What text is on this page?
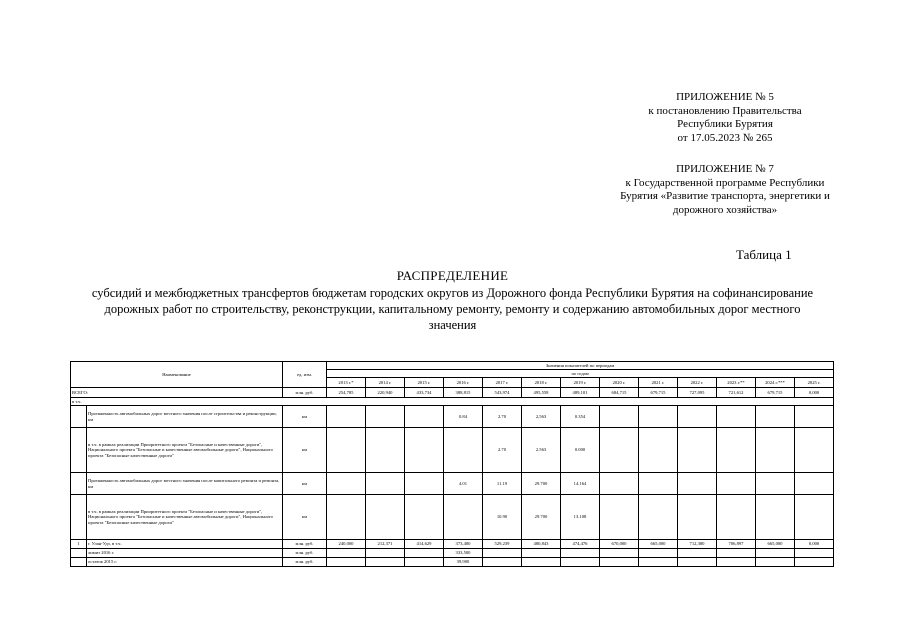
ПРИЛОЖЕНИЕ № 5
к постановлению Правительства
Республики Бурятия
от 17.05.2023 № 265
ПРИЛОЖЕНИЕ № 7
к Государственной программе Республики
Бурятия «Развитие транспорта, энергетики и
дорожного хозяйства»
Таблица 1
РАСПРЕДЕЛЕНИЕ
субсидий и межбюджетных трансфертов бюджетам городских округов из Дорожного фонда Республики Бурятия на софинансирование дорожных работ по строительству, реконструкции, капитальному ремонту, ремонту и содержанию автомобильных дорог местного значения
Наименование		ед. изм.	Значения показателей по периодам												
			по годам												
			2013 г.*	2014 г.	2015 г.	2016 г.	2017 г.	2018 г.	2019 г.	2020 г.	2021 г.	2022 г.	2023 г.**	2024 г.***	2025 г.
ВСЕГО:		млн. руб.	254,785	220,940	433,734	388,815	543,974	495,558	489,101	684,715	679,715	727,095	721,612	679,715	0,000
в т.ч.															
	Протяженность автомобильных дорог местного значения после строительства и реконструкции, км	км				0.84	2.70	2,563	0.354						
	в т.ч. в рамках реализации Приоритетного проекта "Безопасные и качественные дороги", Национального проекта "Безопасные и качественные автомобильные дороги", Национального проекта "Безопасные качественные дороги"	км					2.70	2.563	0.000						
	Протяженность автомобильных дорог местного значения после капитального ремонта и ремонта, км	км				4.01	11.19	29.700	14.164						
	в т.ч. в рамках реализации Приоритетного проекта "Безопасные и качественные дороги", Национального проекта "Безопасные и качественные автомобильные дороги", Национального проекта "Безопасные качественные дороги"	км					10.90	29.700	13.108						
1	г. Улан-Удэ, в т.ч.	млн. руб.	240,000	212,371	414,629	373,400	529,239	480,843	474,476	670,000	665,000	712,380	706,897	665,000	0,000
	лимит 2016 г.	млн. руб.				333,500									
	остаток 2015 г.	млн. руб.				39,900									
